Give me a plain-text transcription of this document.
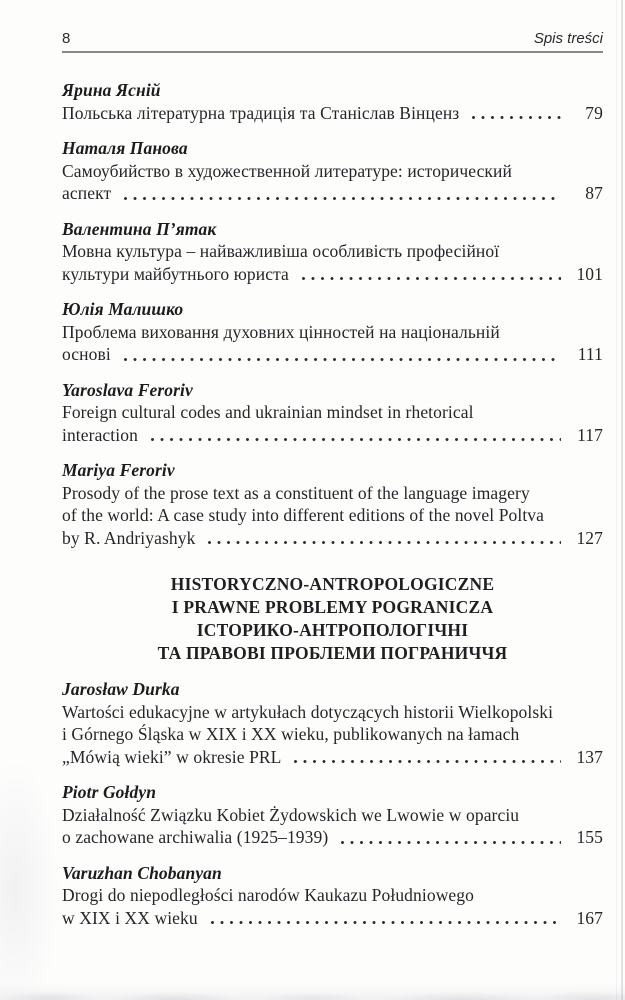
8	Spis treści
Ярина Ясній
Польська літературна традиція та Станіслав Вінценз	79
Наталя Панова
Самоубийство в художественной литературе: исторический
аспект	87
Валентина П’ятак
Мовна культура – найважливіша особливість професійної
культури майбутнього юриста	101
Юлія Малишко
Проблема виховання духовних цінностей на національній
основі	111
Yaroslava Feroriv
Foreign cultural codes and ukrainian mindset in rhetorical
interaction	117
Mariya Feroriv
Prosody of the prose text as a constituent of the language imagery
of the world: A case study into different editions of the novel Poltva
by R. Andriyashyk	127
HISTORYCZNO-ANTROPOLOGICZNE
I PRAWNE PROBLEMY POGRANICZA
ІСТОРИКО-АНТРОПОЛОГІЧНІ
ТА ПРАВОВІ ПРОБЛЕМИ ПОГРАНИЧЧЯ
Jarosław Durka
Wartości edukacyjne w artykułach dotyczących historii Wielkopolski
i Górnego Śląska w XIX i XX wieku, publikowanych na łamach
„Mówią wieki” w okresie PRL	137
Piotr Gołdyn
Działalność Związku Kobiet Żydowskich we Lwowie w oparciu
o zachowane archiwalia (1925–1939)	155
Varuzhan Chobanyan
Drogi do niepodległości narodów Kaukazu Południowego
w XIX i XX wieku	167
